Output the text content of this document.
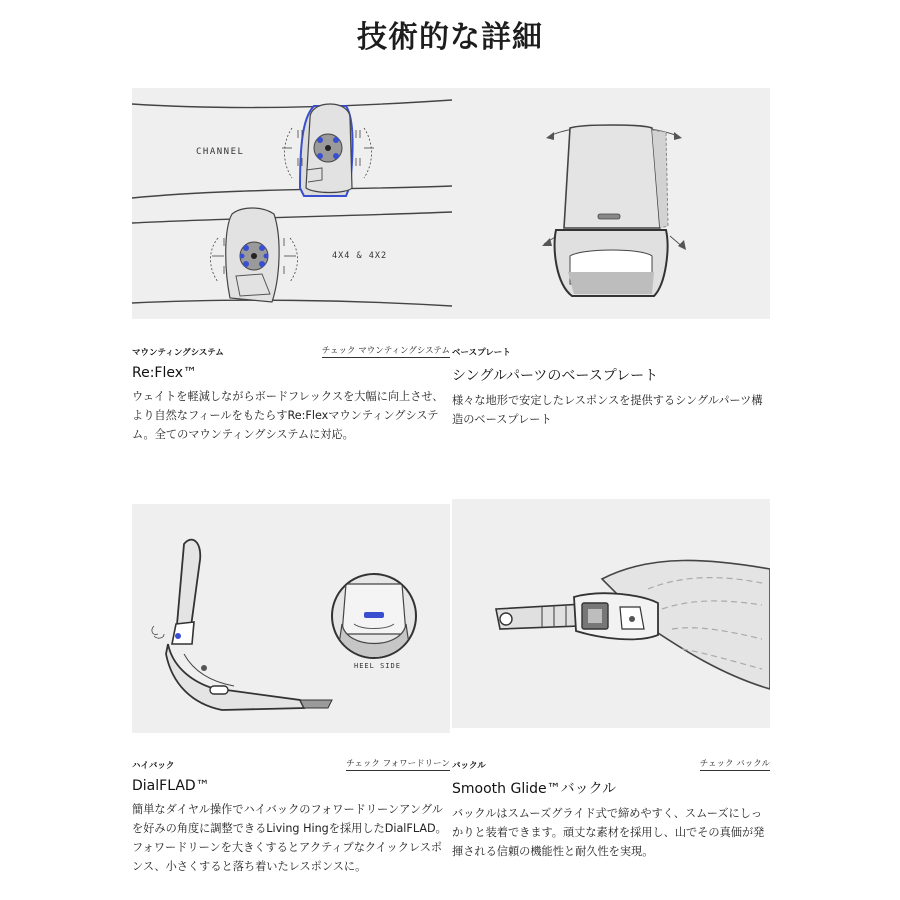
技術的な詳細
CHANNEL
4X4 & 4X2
HEEL SIDE
マウンティングシステム	チェック マウンティングシステム
Re:Flex™

ウェイトを軽減しながらボードフレックスを大幅に向上させ、より自然なフィールをもたらすRe:Flexマウンティングシステム。全てのマウンティングシステムに対応。

ベースプレート
シングルパーツのベースプレート

様々な地形で安定したレスポンスを提供するシングルパーツ構造のベースプレート

ハイバック	チェック フォワードリーン
DialFLAD™

簡単なダイヤル操作でハイバックのフォワードリーンアングルを好みの角度に調整できるLiving Hingを採用したDialFLAD。フォワードリーンを大きくするとアクティブなクイックレスポンス、小さくすると落ち着いたレスポンスに。

バックル	チェック バックル
Smooth Glide™バックル

バックルはスムーズグライド式で締めやすく、スムーズにしっかりと装着できます。頑丈な素材を採用し、山でその真価が発揮される信頼の機能性と耐久性を実現。
